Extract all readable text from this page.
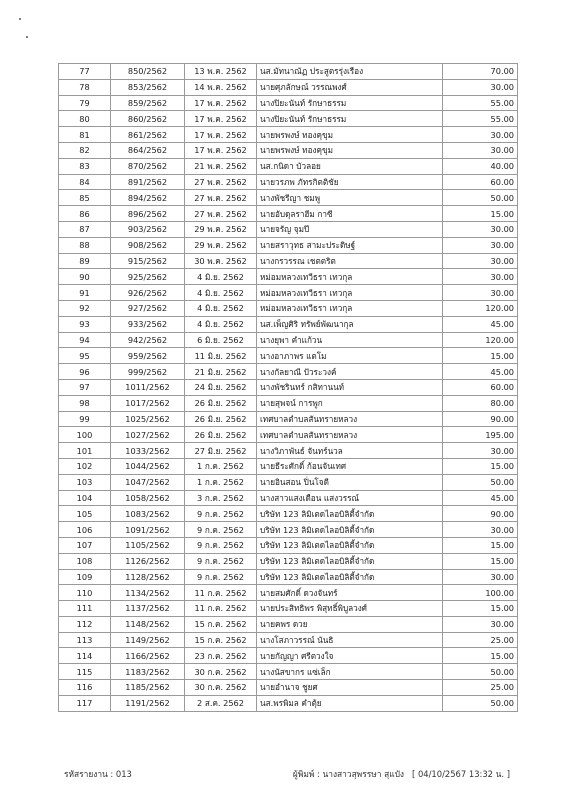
77	850/2562	13 พ.ค. 2562	นส.มัทนาณัฏ ประสูตรรุ่งเรือง	70.00
78	853/2562	14 พ.ค. 2562	นายศุภลักษณ์ วรรณพงศ์	30.00
79	859/2562	17 พ.ค. 2562	นางปิยะนันท์ รักษาธรรม	55.00
80	860/2562	17 พ.ค. 2562	นางปิยะนันท์ รักษาธรรม	55.00
81	861/2562	17 พ.ค. 2562	นายพรพงษ์ ทองคุขุม	30.00
82	864/2562	17 พ.ค. 2562	นายพรพงษ์ ทองคุขุม	30.00
83	870/2562	21 พ.ค. 2562	นส.กนิดา บัวลอย	40.00
84	891/2562	27 พ.ค. 2562	นายวรภพ ภัทรกิตติชัย	60.00
85	894/2562	27 พ.ค. 2562	นางพัชรีญา ชมพู	50.00
86	896/2562	27 พ.ค. 2562	นายอับดุลราฮีม กาซี	15.00
87	903/2562	29 พ.ค. 2562	นายจรัญ จุมปี	30.00
88	908/2562	29 พ.ค. 2562	นายสราวุทธ สามะประดิษฐ์	30.00
89	915/2562	30 พ.ค. 2562	นางกรวรรณ เชตตริต	30.00
90	925/2562	4 มิ.ย. 2562	หม่อมหลวงเทวีธรา เทวกุล	30.00
91	926/2562	4 มิ.ย. 2562	หม่อมหลวงเทวีธรา เทวกุล	30.00
92	927/2562	4 มิ.ย. 2562	หม่อมหลวงเทวีธรา เทวกุล	120.00
93	933/2562	4 มิ.ย. 2562	นส.เพ็ญศิริ ทรัพย์พัฒนากุล	45.00
94	942/2562	6 มิ.ย. 2562	นางยุพา คำแก้วน	120.00
95	959/2562	11 มิ.ย. 2562	นางอาภาพร แตโม	15.00
96	999/2562	21 มิ.ย. 2562	นางกัลยาณี ปัวระวงค์	45.00
97	1011/2562	24 มิ.ย. 2562	นางพัชรินทร์ กสิทานนท์	60.00
98	1017/2562	26 มิ.ย. 2562	นายสุพจน์ การพูก	80.00
99	1025/2562	26 มิ.ย. 2562	เทศบาลตำบลสันทรายหลวง	90.00
100	1027/2562	26 มิ.ย. 2562	เทศบาลตำบลสันทรายหลวง	195.00
101	1033/2562	27 มิ.ย. 2562	นางวิภาพันธ์ จันทร์นวล	30.00
102	1044/2562	1 ก.ค. 2562	นายธีระศักดิ์ ก้อนจันเทศ	15.00
103	1047/2562	1 ก.ค. 2562	นายอินสอน ปิ่นโจดี	50.00
104	1058/2562	3 ก.ค. 2562	นางสาวแสงเดือน แสงวรรณ์	45.00
105	1083/2562	9 ก.ค. 2562	บริษัท 123 ลิมิเตดไลอบิลิตี้จำกัด	90.00
106	1091/2562	9 ก.ค. 2562	บริษัท 123 ลิมิเตดไลอบิลิตี้จำกัด	30.00
107	1105/2562	9 ก.ค. 2562	บริษัท 123 ลิมิเตดไลอบิลิตี้จำกัด	15.00
108	1126/2562	9 ก.ค. 2562	บริษัท 123 ลิมิเตดไลอบิลิตี้จำกัด	15.00
109	1128/2562	9 ก.ค. 2562	บริษัท 123 ลิมิเตดไลอบิลิตี้จำกัด	30.00
110	1134/2562	11 ก.ค. 2562	นายสมศักดิ์ ดวงจันทร์	100.00
111	1137/2562	11 ก.ค. 2562	นายประสิทธิพร พิสุทธิ์พิบูลวงศ์	15.00
112	1148/2562	15 ก.ค. 2562	นายคพร ดวย	30.00
113	1149/2562	15 ก.ค. 2562	นางโสภาวรรณ์ นันธิ	25.00
114	1166/2562	23 ก.ค. 2562	นายกัญญา ศรีตวงใจ	15.00
115	1183/2562	30 ก.ค. 2562	นางนัสขากร แซ่เล็ก	50.00
116	1185/2562	30 ก.ค. 2562	นายอำนาจ ชูยศ	25.00
117	1191/2562	2 ส.ค. 2562	นส.พรพิมล คำตุ้ย	50.00
รหัสรายงาน : 013	ผู้พิมพ์ : นางสาวสุพรรษา สุแป๋ง [ 04/10/2567 13:32 น. ]
